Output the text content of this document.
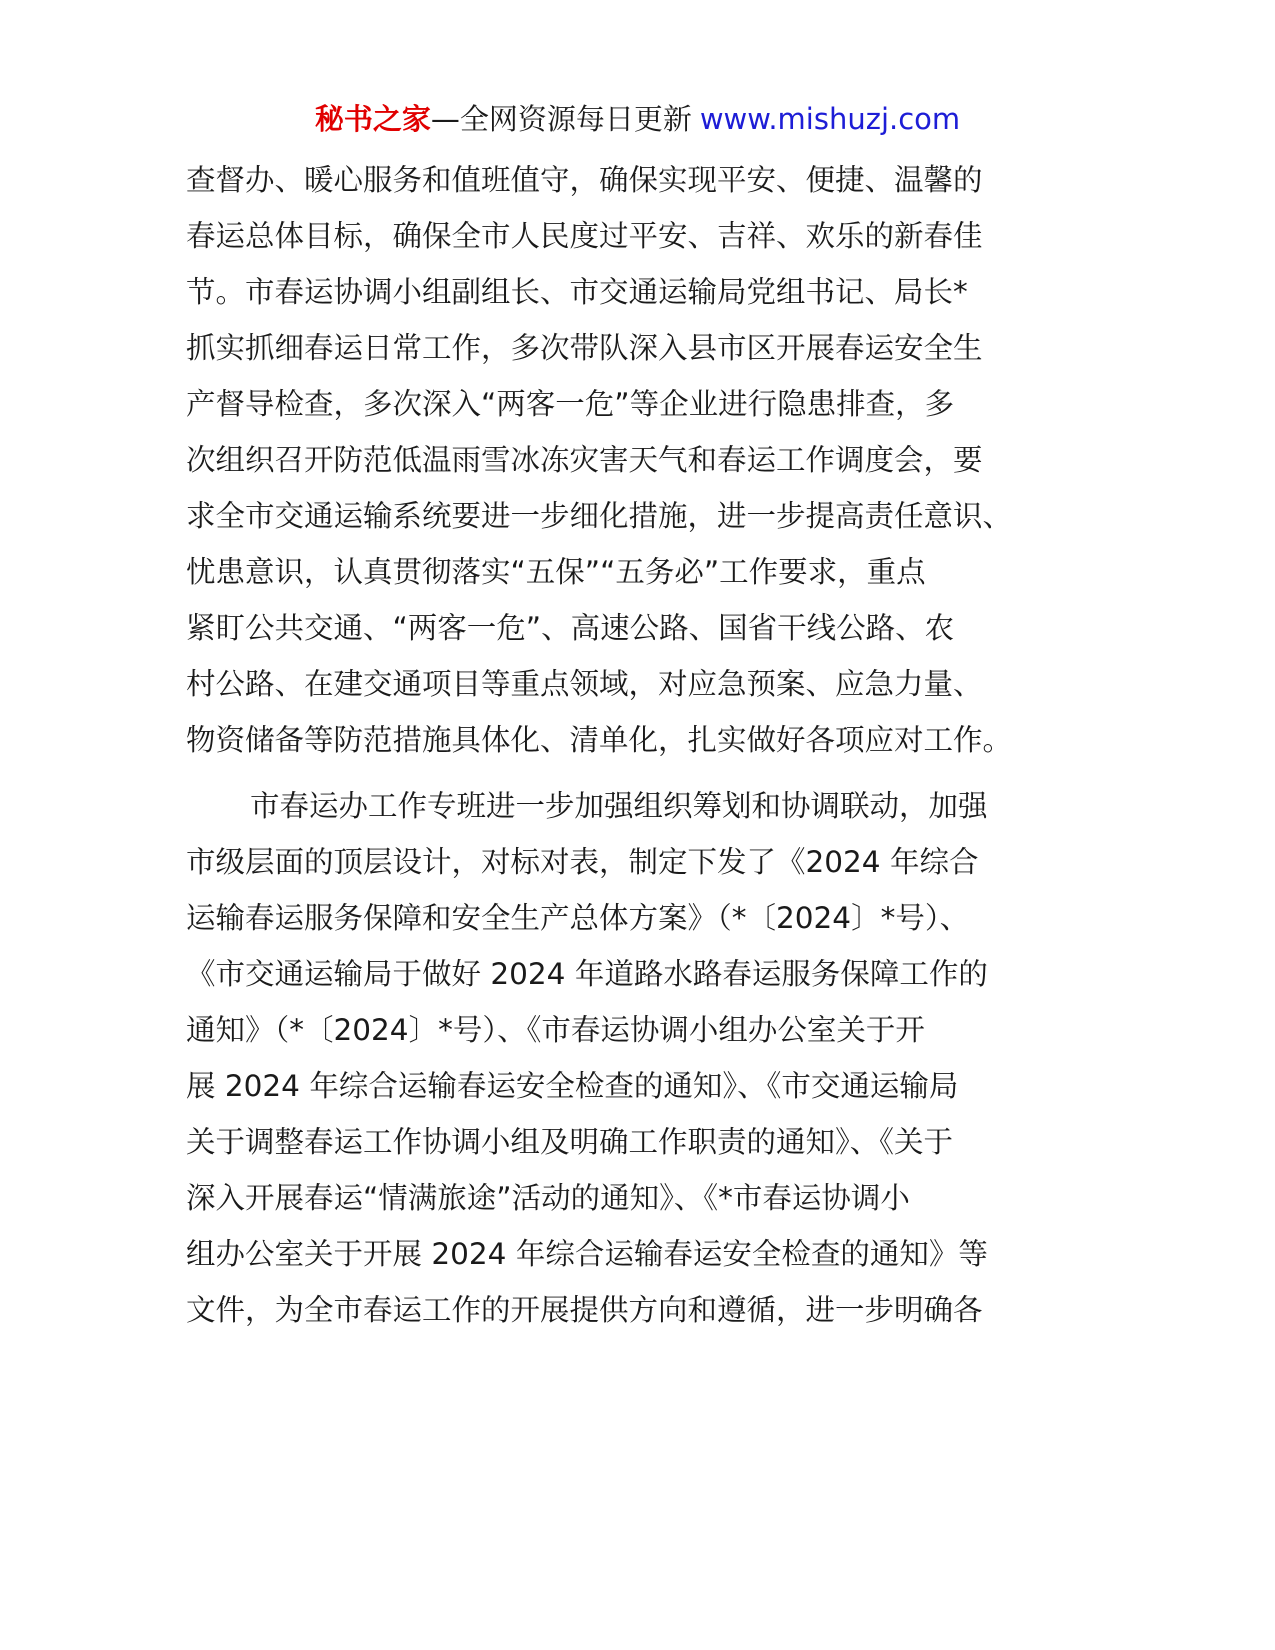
秘书之家—全网资源每日更新 www.mishuzj.com
查督办、暖心服务和值班值守，确保实现平安、便捷、温馨的
春运总体目标，确保全市人民度过平安、吉祥、欢乐的新春佳
节。市春运协调小组副组长、市交通运输局党组书记、局长*
抓实抓细春运日常工作，多次带队深入县市区开展春运安全生
产督导检查，多次深入“两客一危”等企业进行隐患排查，多
次组织召开防范低温雨雪冰冻灾害天气和春运工作调度会，要
求全市交通运输系统要进一步细化措施，进一步提高责任意识、
忧患意识，认真贯彻落实“五保”“五务必”工作要求，重点
紧盯公共交通、“两客一危”、高速公路、国省干线公路、农
村公路、在建交通项目等重点领域，对应急预案、应急力量、
物资储备等防范措施具体化、清单化，扎实做好各项应对工作。
市春运办工作专班进一步加强组织筹划和协调联动，加强
市级层面的顶层设计，对标对表，制定下发了《2024 年综合
运输春运服务保障和安全生产总体方案》（*〔2024〕*号）、
《市交通运输局于做好 2024 年道路水路春运服务保障工作的
通知》（*〔2024〕*号）、《市春运协调小组办公室关于开
展 2024 年综合运输春运安全检查的通知》、《市交通运输局
关于调整春运工作协调小组及明确工作职责的通知》、《关于
深入开展春运“情满旅途”活动的通知》、《*市春运协调小
组办公室关于开展 2024 年综合运输春运安全检查的通知》等
文件，为全市春运工作的开展提供方向和遵循，进一步明确各
